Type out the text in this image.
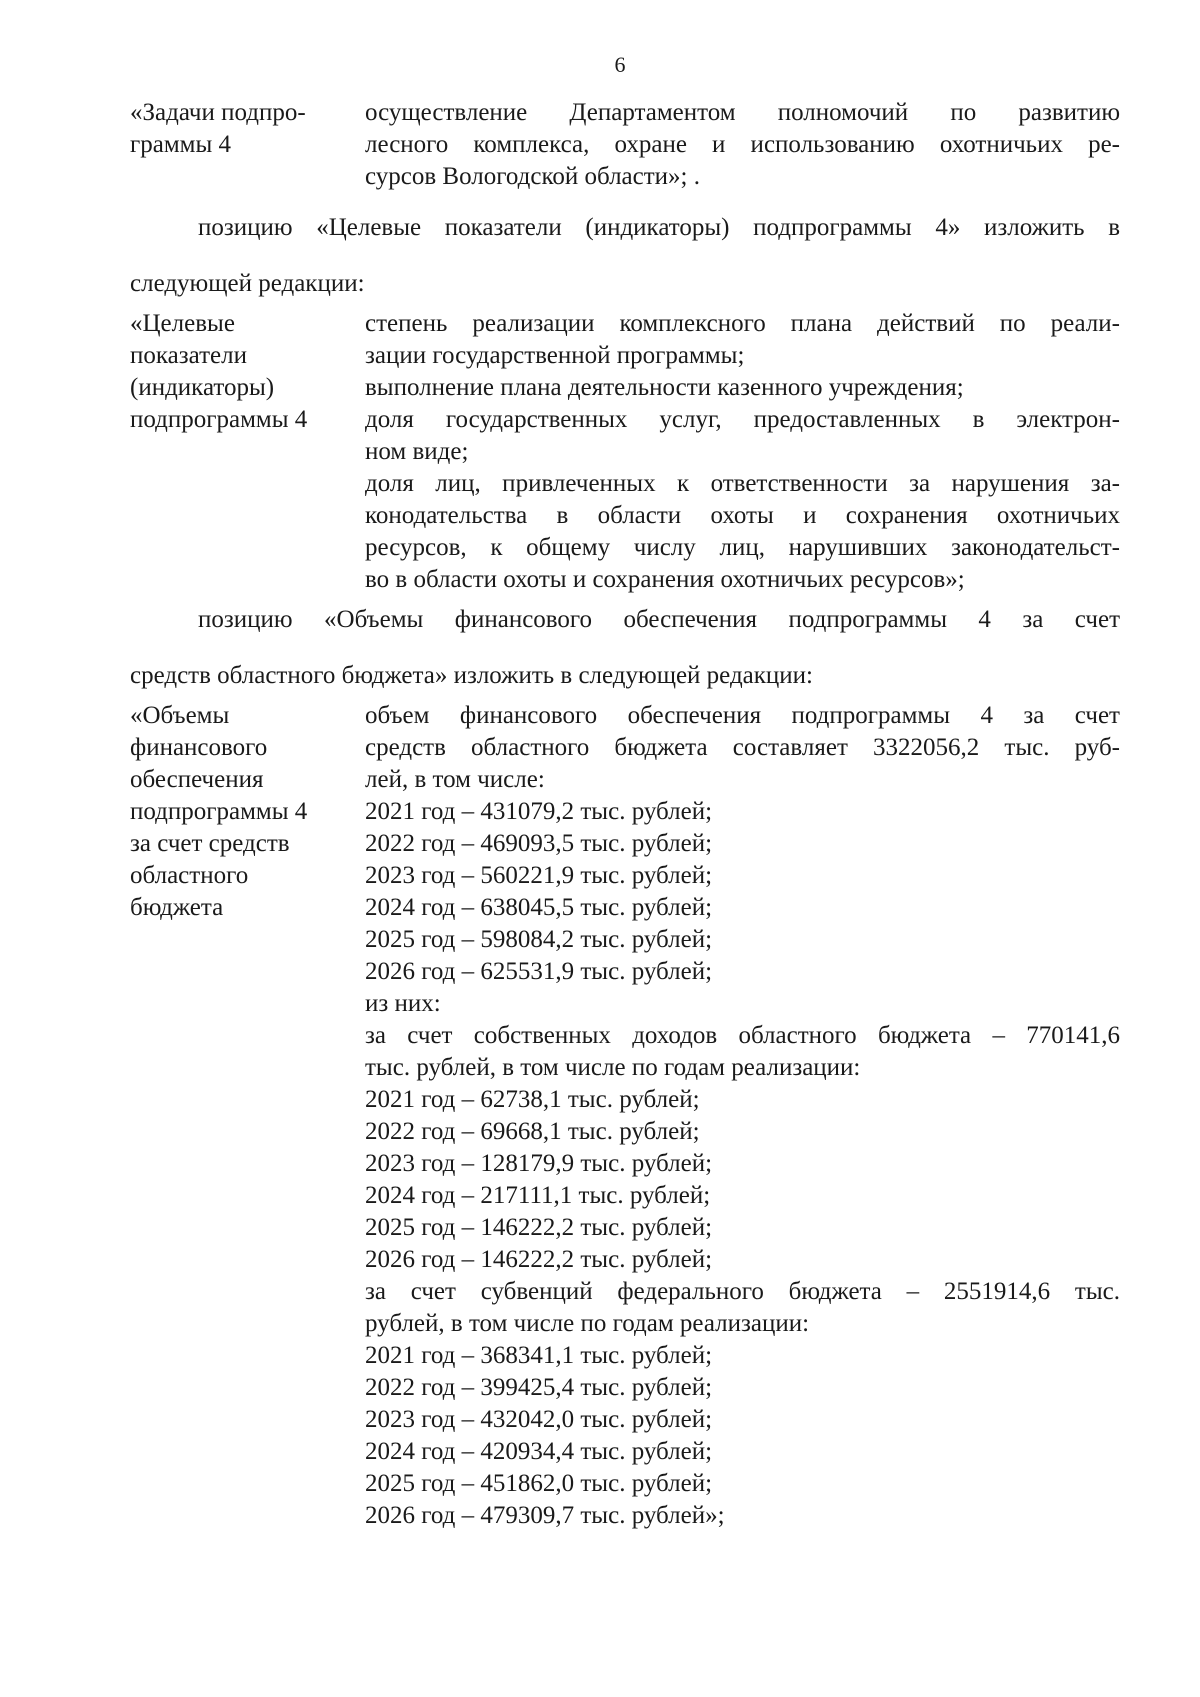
6
«Задачи подпро-
граммы 4
осуществление Департаментом полномочий по развитию
лесного комплекса, охране и использованию охотничьих ре-
сурсов Вологодской области»; .
позицию «Целевые показатели (индикаторы) подпрограммы 4» изложить в
следующей редакции:
«Целевые
показатели
(индикаторы)
подпрограммы 4
степень реализации комплексного плана действий по реали-
зации государственной программы;
выполнение плана деятельности казенного учреждения;
доля государственных услуг, предоставленных в электрон-
ном виде;
доля лиц, привлеченных к ответственности за нарушения за-
конодательства в области охоты и сохранения охотничьих
ресурсов, к общему числу лиц, нарушивших законодательст-
во в области охоты и сохранения охотничьих ресурсов»;
позицию «Объемы финансового обеспечения подпрограммы 4 за счет
средств областного бюджета» изложить в следующей редакции:
«Объемы
финансового
обеспечения
подпрограммы 4
за счет средств
областного
бюджета
объем финансового обеспечения подпрограммы 4 за счет
средств областного бюджета составляет 3322056,2 тыс. руб-
лей, в том числе:
2021 год – 431079,2 тыс. рублей;
2022 год – 469093,5 тыс. рублей;
2023 год – 560221,9 тыс. рублей;
2024 год – 638045,5 тыс. рублей;
2025 год – 598084,2 тыс. рублей;
2026 год – 625531,9 тыс. рублей;
из них:
за счет собственных доходов областного бюджета – 770141,6
тыс. рублей, в том числе по годам реализации:
2021 год – 62738,1 тыс. рублей;
2022 год – 69668,1 тыс. рублей;
2023 год – 128179,9 тыс. рублей;
2024 год – 217111,1 тыс. рублей;
2025 год – 146222,2 тыс. рублей;
2026 год – 146222,2 тыс. рублей;
за счет субвенций федерального бюджета – 2551914,6 тыс.
рублей, в том числе по годам реализации:
2021 год – 368341,1 тыс. рублей;
2022 год – 399425,4 тыс. рублей;
2023 год – 432042,0 тыс. рублей;
2024 год – 420934,4 тыс. рублей;
2025 год – 451862,0 тыс. рублей;
2026 год – 479309,7 тыс. рублей»;
